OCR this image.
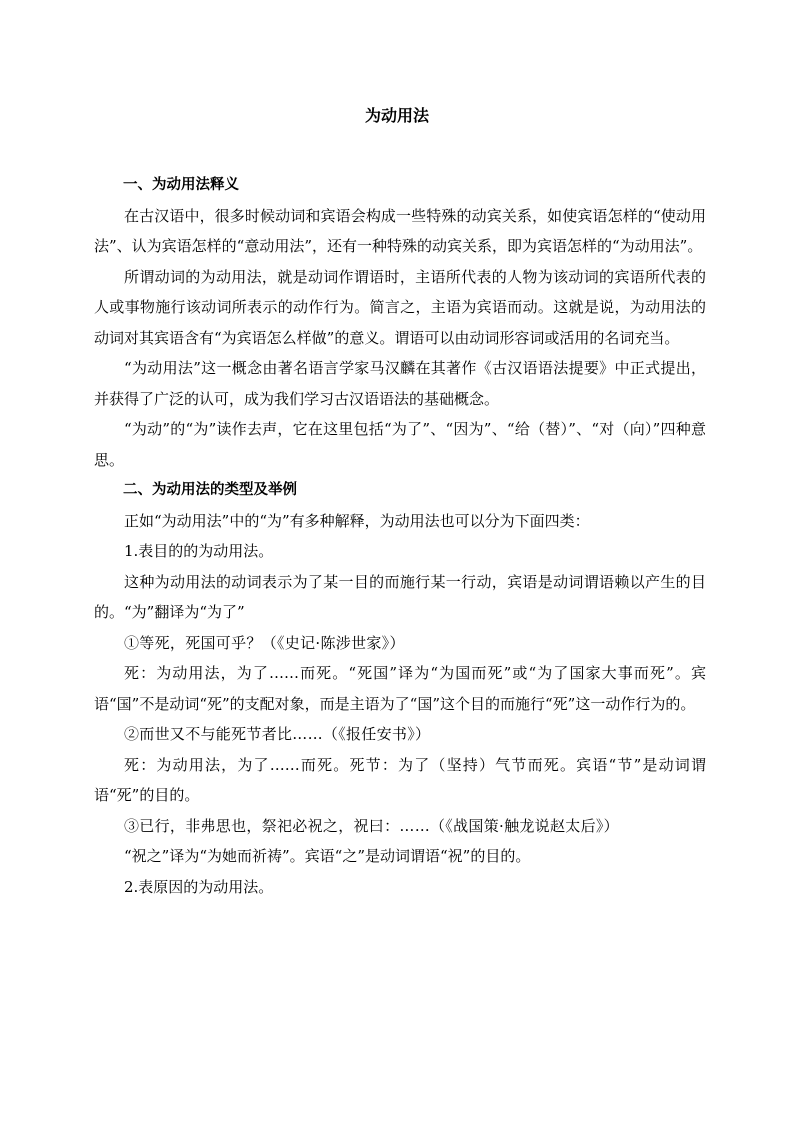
为动用法

一、为动用法释义

在古汉语中，很多时候动词和宾语会构成一些特殊的动宾关系，如使宾语怎样的“使动用法”、认为宾语怎样的“意动用法”，还有一种特殊的动宾关系，即为宾语怎样的“为动用法”。

所谓动词的为动用法，就是动词作谓语时，主语所代表的人物为该动词的宾语所代表的人或事物施行该动词所表示的动作行为。简言之，主语为宾语而动。这就是说，为动用法的动词对其宾语含有“为宾语怎么样做”的意义。谓语可以由动词形容词或活用的名词充当。

“为动用法”这一概念由著名语言学家马汉麟在其著作《古汉语语法提要》中正式提出，并获得了广泛的认可，成为我们学习古汉语语法的基础概念。

“为动”的“为”读作去声，它在这里包括“为了”、“因为”、“给（替）”、“对（向）”四种意思。

二、为动用法的类型及举例

正如“为动用法”中的“为”有多种解释，为动用法也可以分为下面四类：

1.表目的的为动用法。

这种为动用法的动词表示为了某一目的而施行某一行动，宾语是动词谓语赖以产生的目的。“为”翻译为“为了”

①等死，死国可乎？（《史记·陈涉世家》）

死：为动用法，为了……而死。“死国”译为“为国而死”或“为了国家大事而死”。宾语“国”不是动词“死”的支配对象，而是主语为了“国”这个目的而施行“死”这一动作行为的。

②而世又不与能死节者比……（《报任安书》）

死：为动用法，为了……而死。死节：为了（坚持）气节而死。宾语“节”是动词谓语“死”的目的。

③已行，非弗思也，祭祀必祝之，祝曰：……（《战国策·触龙说赵太后》）

“祝之”译为“为她而祈祷”。宾语“之”是动词谓语“祝”的目的。

2.表原因的为动用法。
